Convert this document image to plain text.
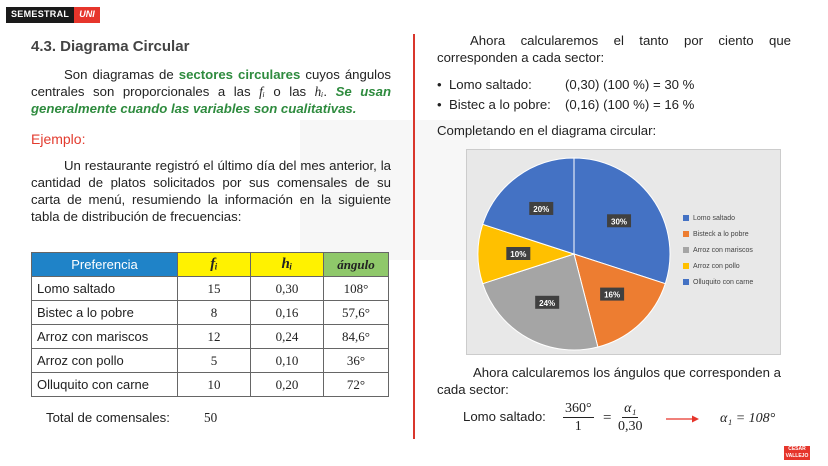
SEMESTRAL	UNI
4.3. Diagrama Circular
Son diagramas de sectores circulares cuyos ángulos centrales son proporcionales a las fᵢ o las hᵢ. Se usan generalmente cuando las variables son cualitativas.
Ejemplo:
Un restaurante registró el último día del mes anterior, la cantidad de platos solicitados por sus comensales de su carta de menú, resumiendo la información en la siguiente tabla de distribución de frecuencias:
Preferencia	fᵢ	hᵢ	ángulo
Lomo saltado	15	0,30	108°
Bistec a lo pobre	8	0,16	57,6°
Arroz con mariscos	12	0,24	84,6°
Arroz con pollo	5	0,10	36°
Olluquito con carne	10	0,20	72°
Total de comensales:	50
Ahora calcularemos el tanto por ciento que corresponden a cada sector:
•  Lomo saltado:	(0,30) (100 %) = 30 %
•  Bistec a lo pobre: (0,16) (100 %) = 16 %
Completando en el diagrama circular:
30%
16%
24%
10%
20%
Lomo saltado
Bisteck a lo pobre
Arroz con mariscos
Arroz con pollo
Olluquito con carne
Ahora calcularemos los ángulos que corresponden a cada sector:
Lomo saltado: $\frac{360^\circ}{1} = \frac{\text{α₁}}{0,30}$	α₁ = 108°
CÉSAR
VALLEJO
